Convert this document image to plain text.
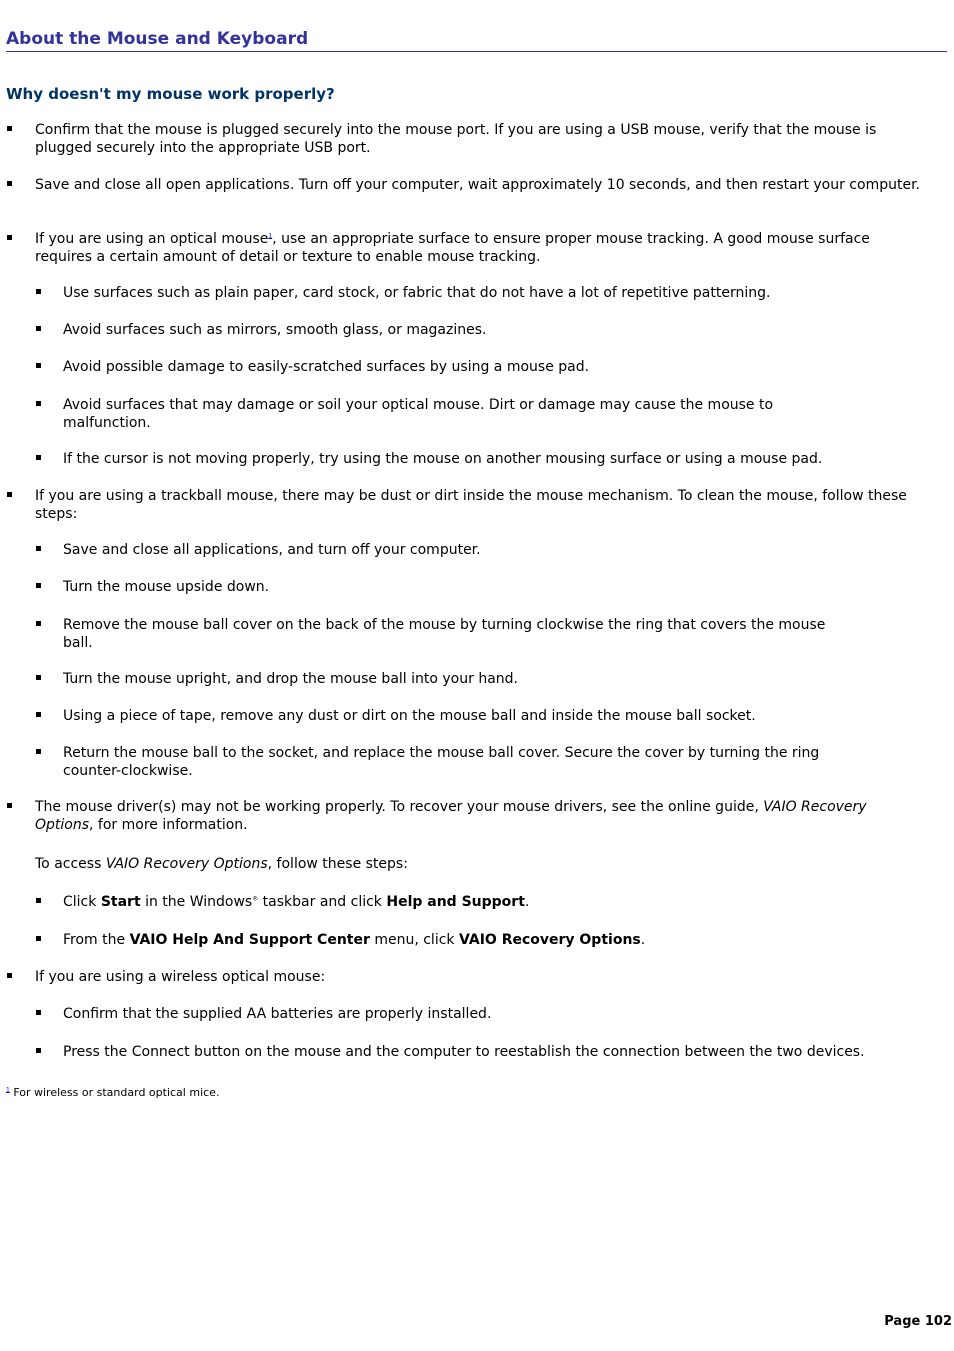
About the Mouse and Keyboard
Why doesn't my mouse work properly?
Confirm that the mouse is plugged securely into the mouse port. If you are using a USB mouse, verify that the mouse is plugged securely into the appropriate USB port.
Save and close all open applications. Turn off your computer, wait approximately 10 seconds, and then restart your computer.
If you are using an optical mouse$^1$, use an appropriate surface to ensure proper mouse tracking. A good mouse surface requires a certain amount of detail or texture to enable mouse tracking.
Use surfaces such as plain paper, card stock, or fabric that do not have a lot of repetitive patterning.
Avoid surfaces such as mirrors, smooth glass, or magazines.
Avoid possible damage to easily-scratched surfaces by using a mouse pad.
Avoid surfaces that may damage or soil your optical mouse. Dirt or damage may cause the mouse to malfunction.
If the cursor is not moving properly, try using the mouse on another mousing surface or using a mouse pad.
If you are using a trackball mouse, there may be dust or dirt inside the mouse mechanism. To clean the mouse, follow these steps:
Save and close all applications, and turn off your computer.
Turn the mouse upside down.
Remove the mouse ball cover on the back of the mouse by turning clockwise the ring that covers the mouse ball.
Turn the mouse upright, and drop the mouse ball into your hand.
Using a piece of tape, remove any dust or dirt on the mouse ball and inside the mouse ball socket.
Return the mouse ball to the socket, and replace the mouse ball cover. Secure the cover by turning the ring counter-clockwise.
The mouse driver(s) may not be working properly. To recover your mouse drivers, see the online guide, VAIO Recovery Options, for more information.
To access VAIO Recovery Options, follow these steps:
Click Start in the Windows® taskbar and click Help and Support.
From the VAIO Help And Support Center menu, click VAIO Recovery Options.
If you are using a wireless optical mouse:
Confirm that the supplied AA batteries are properly installed.
Press the Connect button on the mouse and the computer to reestablish the connection between the two devices.
$^1$ For wireless or standard optical mice.
Page 102
